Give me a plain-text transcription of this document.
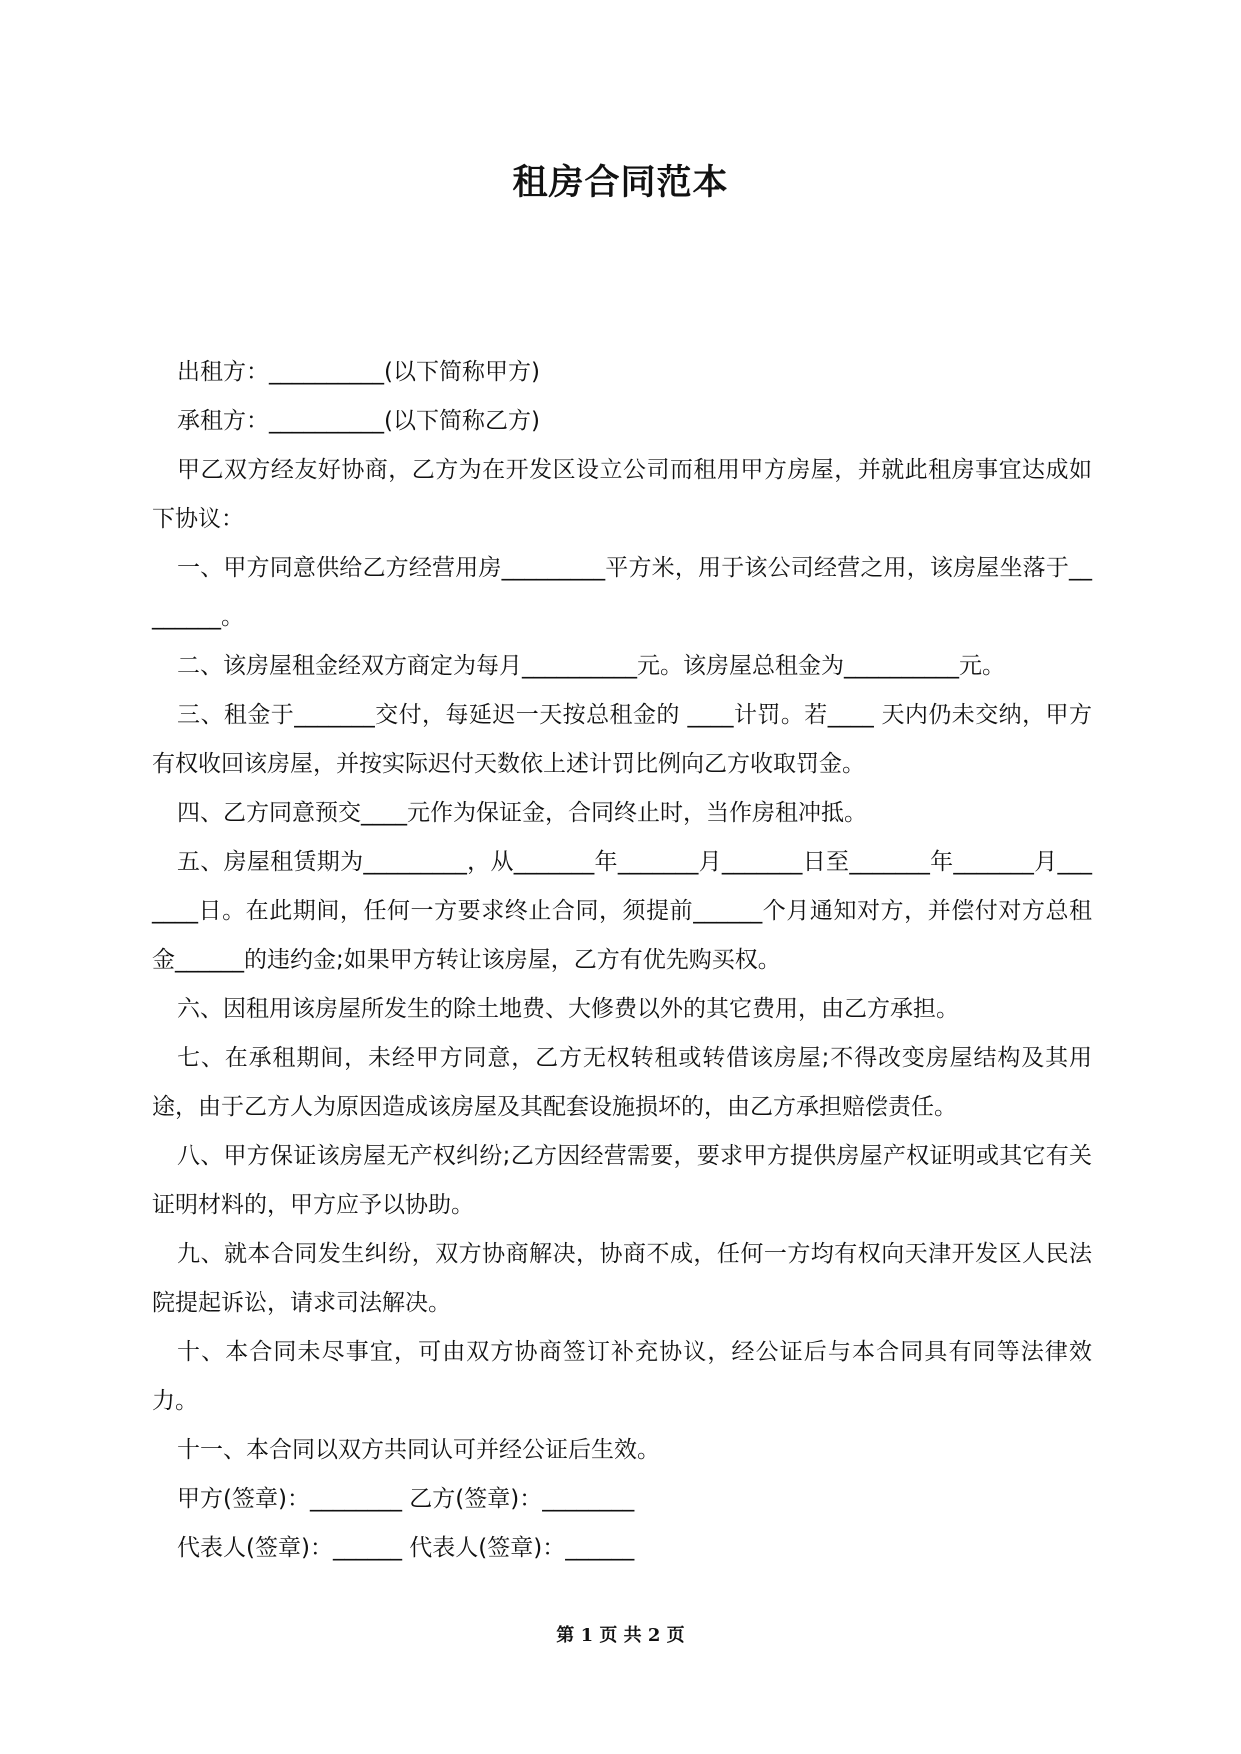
租房合同范本

出租方：__________(以下简称甲方)

承租方：__________(以下简称乙方)

甲乙双方经友好协商，乙方为在开发区设立公司而租用甲方房屋，并就此租房事宜达成如下协议：

一、甲方同意供给乙方经营用房_________平方米，用于该公司经营之用，该房屋坐落于________。

二、该房屋租金经双方商定为每月__________元。该房屋总租金为__________元。

三、租金于_______交付，每延迟一天按总租金的 ____计罚。若____ 天内仍未交纳，甲方有权收回该房屋，并按实际迟付天数依上述计罚比例向乙方收取罚金。

四、乙方同意预交____元作为保证金，合同终止时，当作房租冲抵。

五、房屋租赁期为_________，从_______年_______月_______日至_______年_______月_______日。在此期间，任何一方要求终止合同，须提前______个月通知对方，并偿付对方总租金______的违约金;如果甲方转让该房屋，乙方有优先购买权。

六、因租用该房屋所发生的除土地费、大修费以外的其它费用，由乙方承担。

七、在承租期间，未经甲方同意，乙方无权转租或转借该房屋;不得改变房屋结构及其用途，由于乙方人为原因造成该房屋及其配套设施损坏的，由乙方承担赔偿责任。

八、甲方保证该房屋无产权纠纷;乙方因经营需要，要求甲方提供房屋产权证明或其它有关证明材料的，甲方应予以协助。

九、就本合同发生纠纷，双方协商解决，协商不成，任何一方均有权向天津开发区人民法院提起诉讼，请求司法解决。

十、本合同未尽事宜，可由双方协商签订补充协议，经公证后与本合同具有同等法律效力。

十一、本合同以双方共同认可并经公证后生效。

甲方(签章)：________ 乙方(签章)：________

代表人(签章)：______ 代表人(签章)：______

第 1 页 共 2 页
